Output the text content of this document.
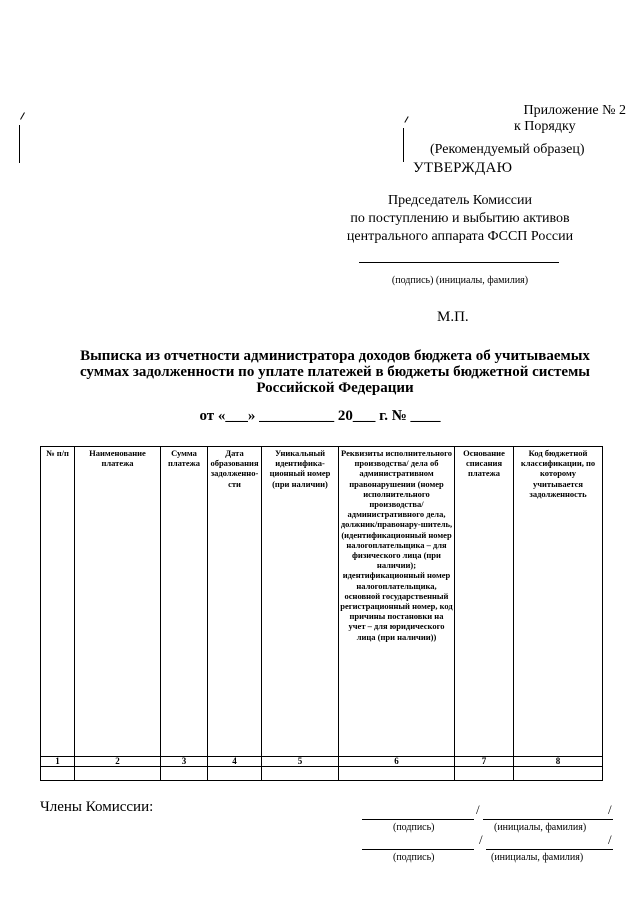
Приложение № 2
к Порядку
(Рекомендуемый образец)
УТВЕРЖДАЮ
Председатель Комиссии
по поступлению и выбытию активов
центрального аппарата ФССП России
(подпись) (инициалы, фамилия)
М.П.
Выписка из отчетности администратора доходов бюджета об учитываемых суммах задолженности по уплате платежей в бюджеты бюджетной системы Российской Федерации
от «___» __________ 20___ г. № ____
№ п/п	Наименование платежа	Сумма платежа	Дата образования задолженно-сти	Уникальный идентифика-ционный номер (при наличии)	Реквизиты исполнительного производства/ дела об административном правонарушении (номер исполнительного производства/ административного дела, должник/правонару-шитель, (идентификационный номер налогоплательщика – для физического лица (при наличии); идентификационный номер налогоплательщика, основной государственный регистрационный номер, код причины постановки на учет – для юридического лица (при наличии))	Основание списания платежа	Код бюджетной классификации, по которому учитывается задолженность
1	2	3	4	5	6	7	8

Члены Комиссии:	/	/
(подпись)	(инициалы, фамилия)
/	/
(подпись)	(инициалы, фамилия)
